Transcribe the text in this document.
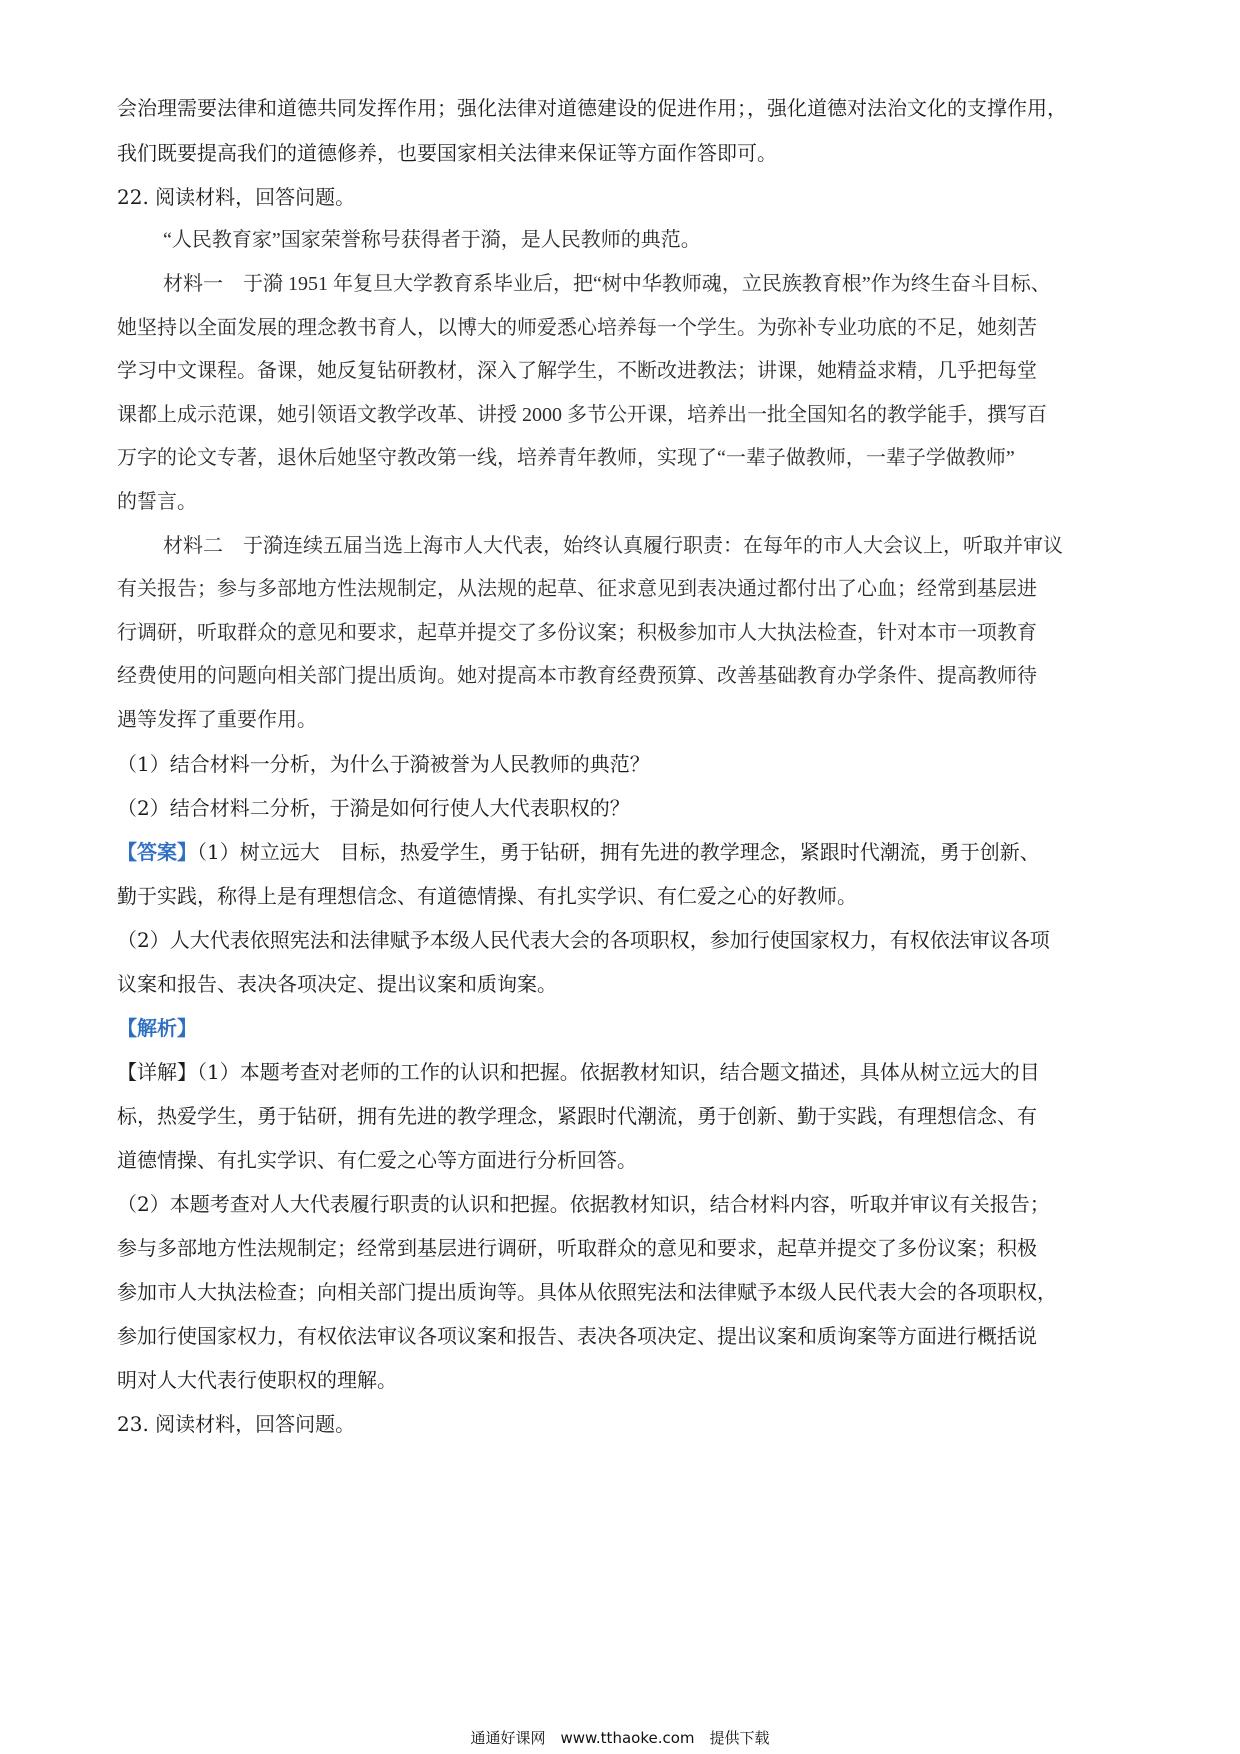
会治理需要法律和道德共同发挥作用；强化法律对道德建设的促进作用；，强化道德对法治文化的支撑作用，
我们既要提高我们的道德修养，也要国家相关法律来保证等方面作答即可。
22. 阅读材料，回答问题。
“人民教育家”国家荣誉称号获得者于漪，是人民教师的典范。
材料一　于漪 1951 年复旦大学教育系毕业后，把“树中华教师魂，立民族教育根”作为终生奋斗目标、
她坚持以全面发展的理念教书育人，以博大的师爱悉心培养每一个学生。为弥补专业功底的不足，她刻苦
学习中文课程。备课，她反复钻研教材，深入了解学生，不断改进教法；讲课，她精益求精，几乎把每堂
课都上成示范课，她引领语文教学改革、讲授 2000 多节公开课，培养出一批全国知名的教学能手，撰写百
万字的论文专著，退休后她坚守教改第一线，培养青年教师，实现了“一辈子做教师，一辈子学做教师”
的誓言。
材料二　于漪连续五届当选上海市人大代表，始终认真履行职责：在每年的市人大会议上，听取并审议
有关报告；参与多部地方性法规制定，从法规的起草、征求意见到表决通过都付出了心血；经常到基层进
行调研，听取群众的意见和要求，起草并提交了多份议案；积极参加市人大执法检查，针对本市一项教育
经费使用的问题向相关部门提出质询。她对提高本市教育经费预算、改善基础教育办学条件、提高教师待
遇等发挥了重要作用。
（1）结合材料一分析，为什么于漪被誉为人民教师的典范？
（2）结合材料二分析，于漪是如何行使人大代表职权的？
【答案】（1）树立远大　目标，热爱学生，勇于钻研，拥有先进的教学理念，紧跟时代潮流，勇于创新、
勤于实践，称得上是有理想信念、有道德情操、有扎实学识、有仁爱之心的好教师。
（2）人大代表依照宪法和法律赋予本级人民代表大会的各项职权，参加行使国家权力，有权依法审议各项
议案和报告、表决各项决定、提出议案和质询案。
【解析】
【详解】（1）本题考查对老师的工作的认识和把握。依据教材知识，结合题文描述，具体从树立远大的目
标，热爱学生，勇于钻研，拥有先进的教学理念，紧跟时代潮流，勇于创新、勤于实践，有理想信念、有
道德情操、有扎实学识、有仁爱之心等方面进行分析回答。
（2）本题考查对人大代表履行职责的认识和把握。依据教材知识，结合材料内容，听取并审议有关报告；
参与多部地方性法规制定；经常到基层进行调研，听取群众的意见和要求，起草并提交了多份议案；积极
参加市人大执法检查；向相关部门提出质询等。具体从依照宪法和法律赋予本级人民代表大会的各项职权，
参加行使国家权力，有权依法审议各项议案和报告、表决各项决定、提出议案和质询案等方面进行概括说
明对人大代表行使职权的理解。
23. 阅读材料，回答问题。
通通好课网　www.tthaoke.com　提供下载
